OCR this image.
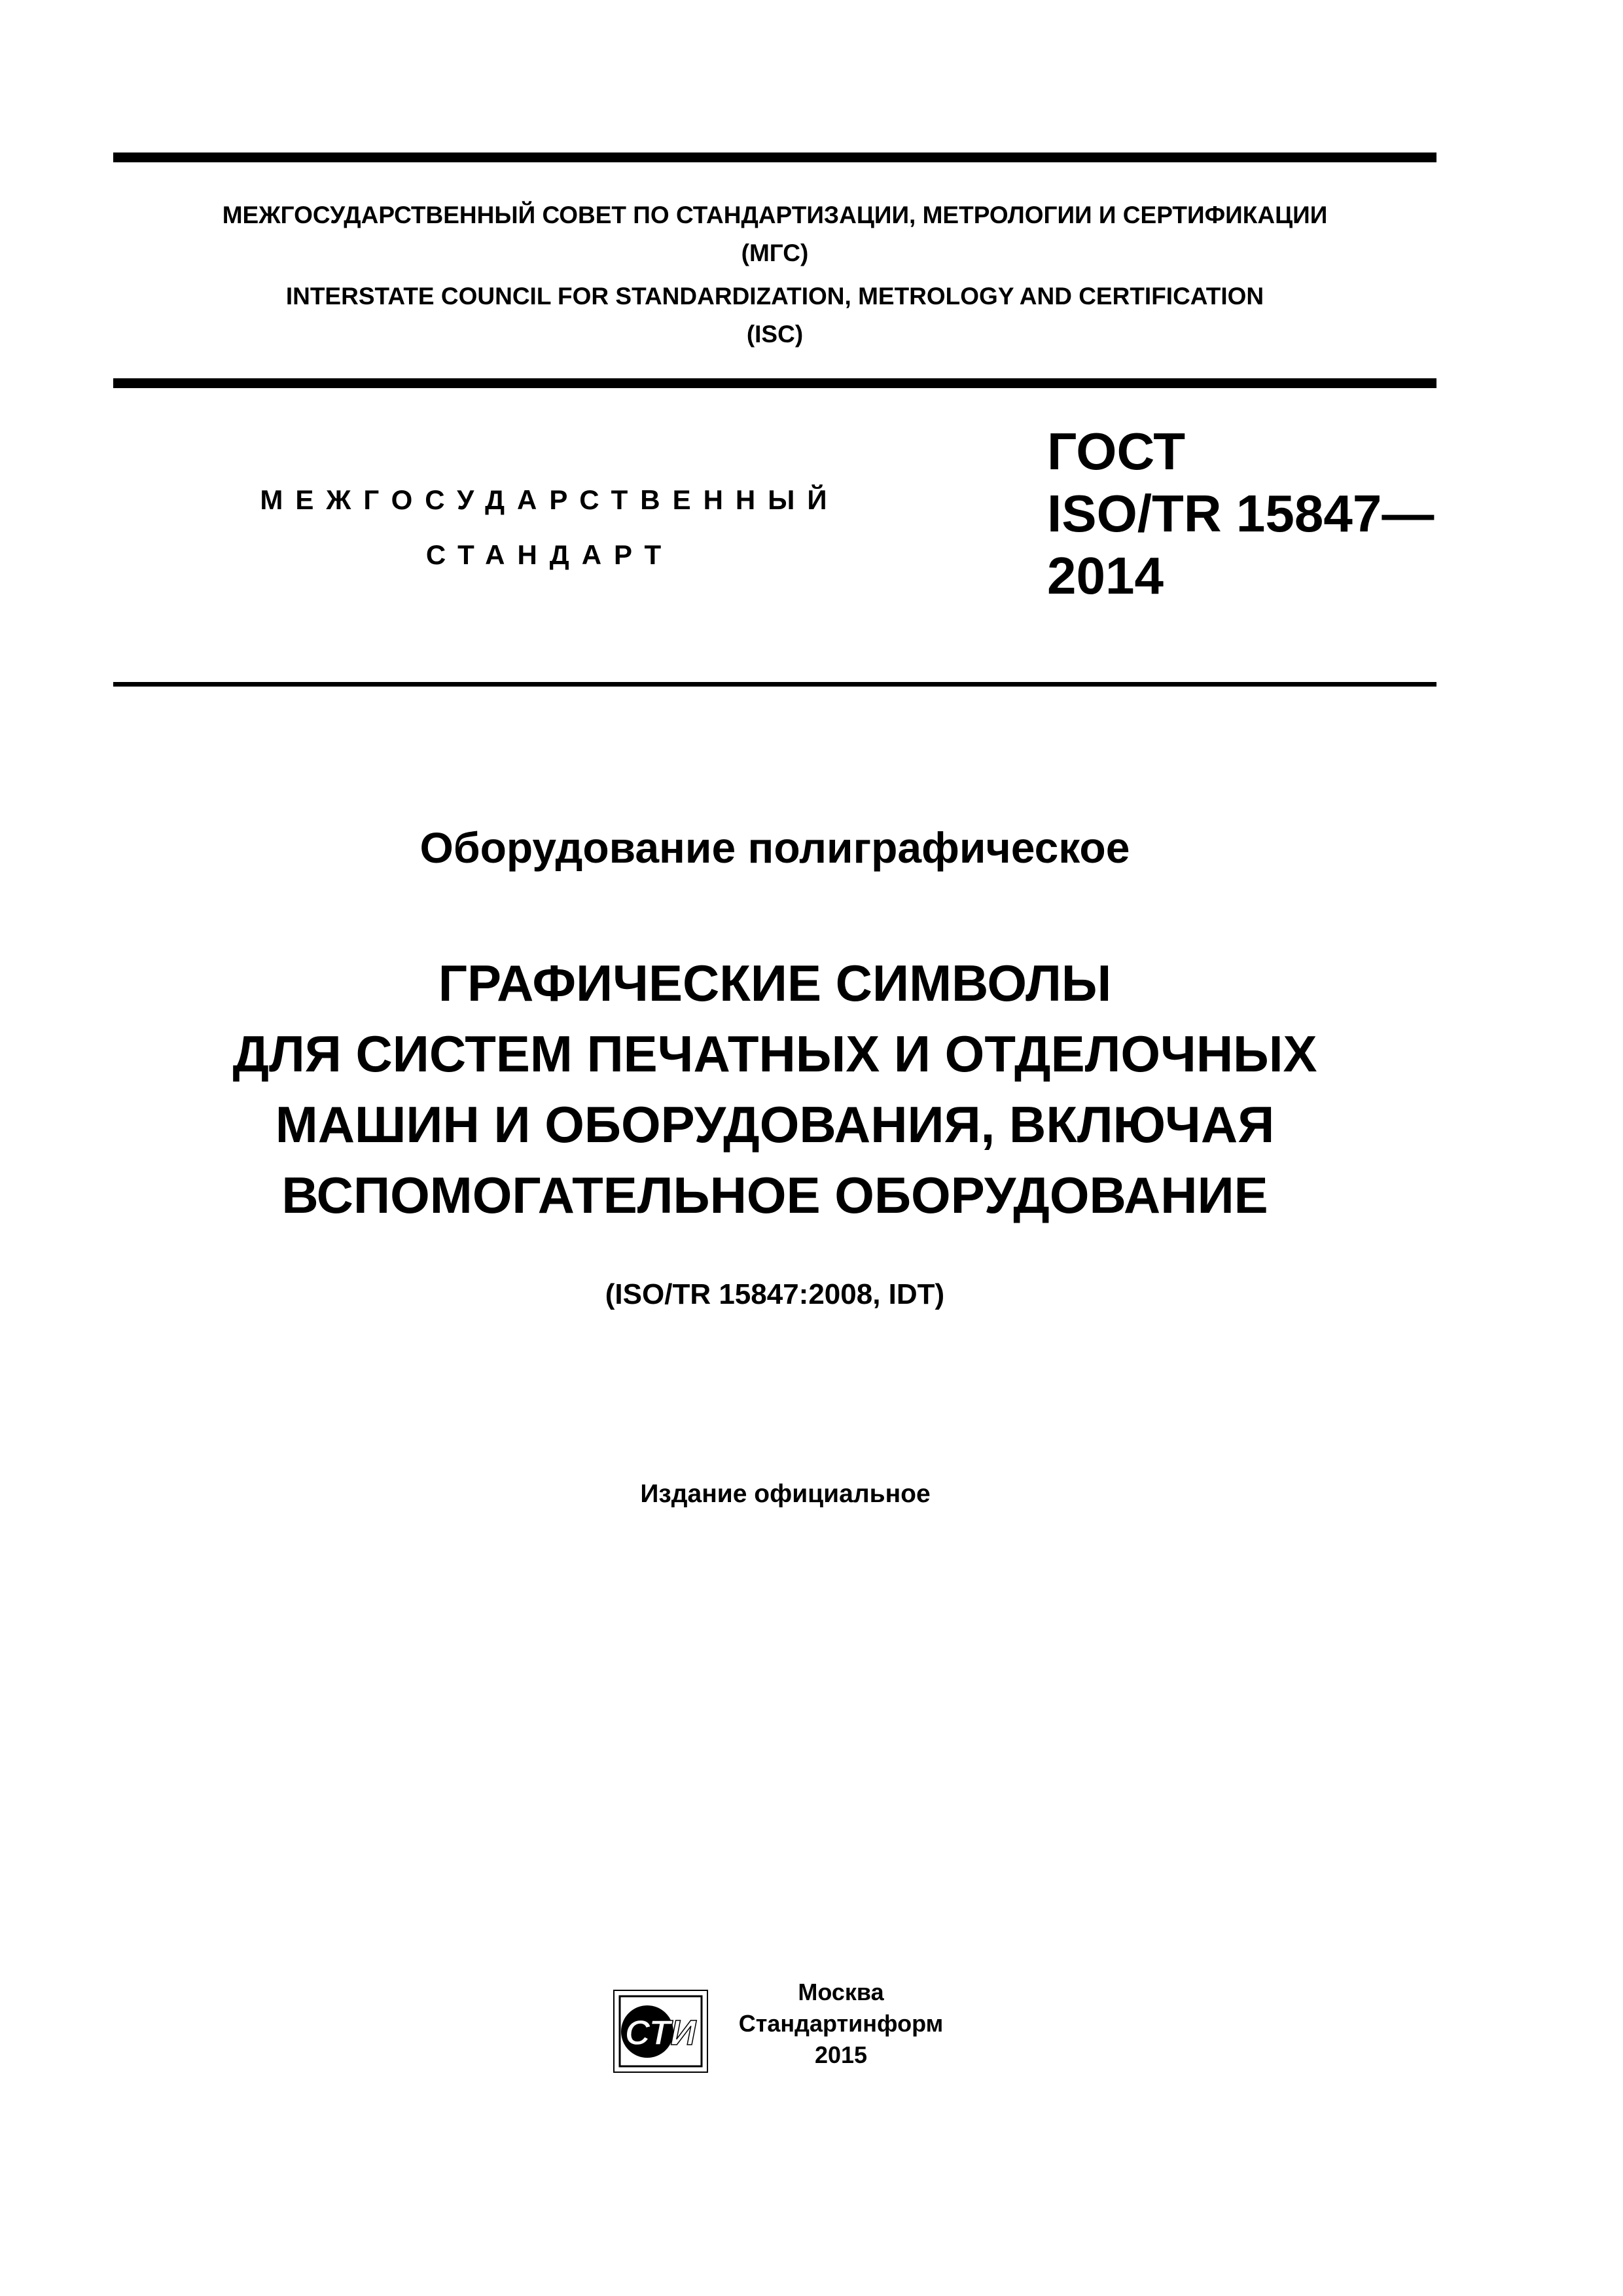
МЕЖГОСУДАРСТВЕННЫЙ СОВЕТ ПО СТАНДАРТИЗАЦИИ, МЕТРОЛОГИИ И СЕРТИФИКАЦИИ
(МГС)
INTERSTATE COUNCIL FOR STANDARDIZATION, METROLOGY AND CERTIFICATION
(ISC)
МЕЖГОСУДАРСТВЕННЫЙ
СТАНДАРТ
ГОСТ
ISO/TR 15847—
2014
Оборудование полиграфическое
ГРАФИЧЕСКИЕ СИМВОЛЫ
ДЛЯ СИСТЕМ ПЕЧАТНЫХ И ОТДЕЛОЧНЫХ
МАШИН И ОБОРУДОВАНИЯ, ВКЛЮЧАЯ
ВСПОМОГАТЕЛЬНОЕ ОБОРУДОВАНИЕ
(ISO/TR 15847:2008, IDT)
Издание официальное
СТИ
Москва
Стандартинформ
2015
